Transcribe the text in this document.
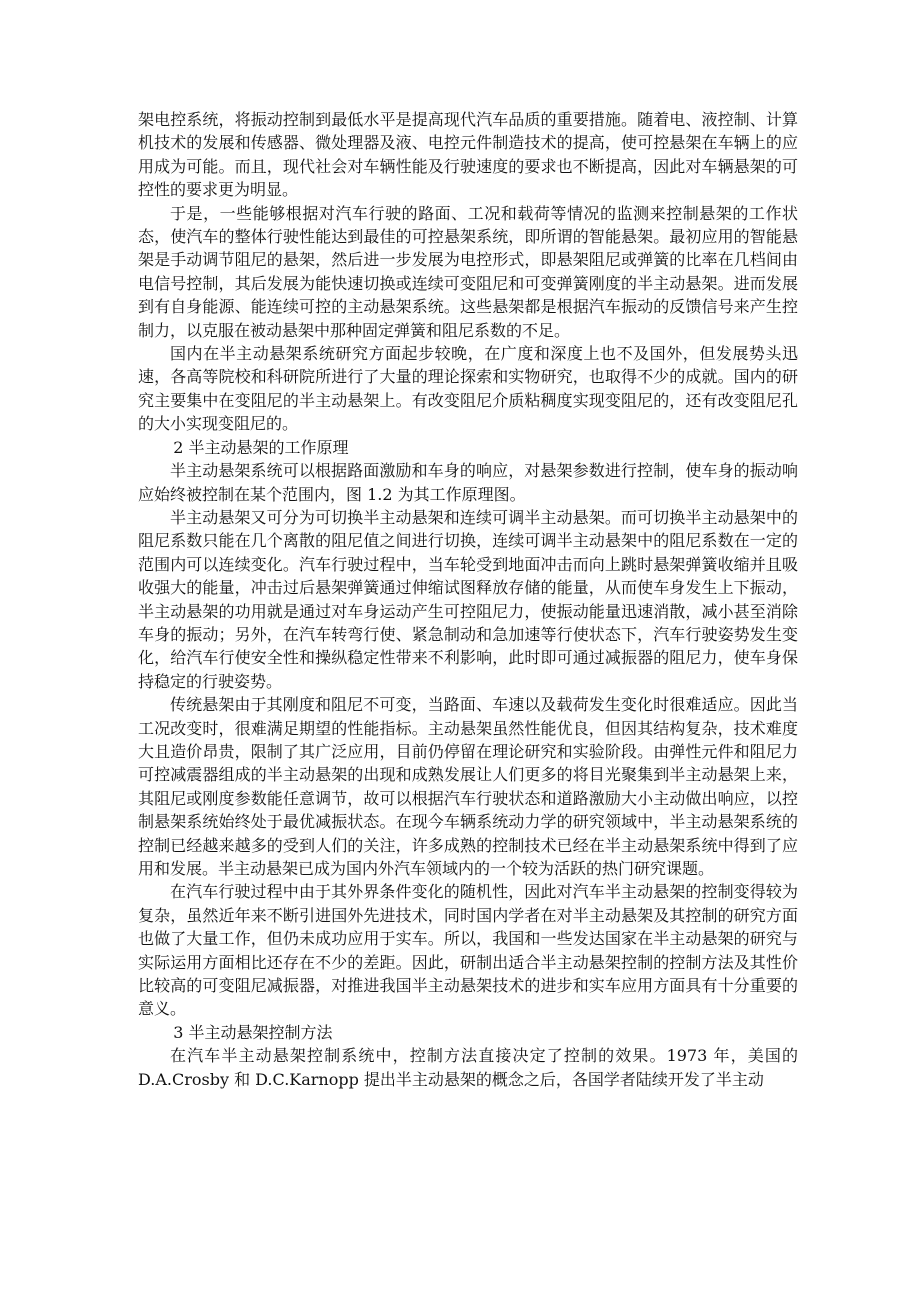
架电控系统，将振动控制到最低水平是提高现代汽车品质的重要措施。随着电、液控制、计算机技术的发展和传感器、微处理器及液、电控元件制造技术的提高，使可控悬架在车辆上的应用成为可能。而且，现代社会对车辆性能及行驶速度的要求也不断提高，因此对车辆悬架的可控性的要求更为明显。

于是，一些能够根据对汽车行驶的路面、工况和载荷等情况的监测来控制悬架的工作状态，使汽车的整体行驶性能达到最佳的可控悬架系统，即所谓的智能悬架。最初应用的智能悬架是手动调节阻尼的悬架，然后进一步发展为电控形式，即悬架阻尼或弹簧的比率在几档间由电信号控制，其后发展为能快速切换或连续可变阻尼和可变弹簧刚度的半主动悬架。进而发展到有自身能源、能连续可控的主动悬架系统。这些悬架都是根据汽车振动的反馈信号来产生控制力，以克服在被动悬架中那种固定弹簧和阻尼系数的不足。

国内在半主动悬架系统研究方面起步较晚，在广度和深度上也不及国外，但发展势头迅速，各高等院校和科研院所进行了大量的理论探索和实物研究，也取得不少的成就。国内的研究主要集中在变阻尼的半主动悬架上。有改变阻尼介质粘稠度实现变阻尼的，还有改变阻尼孔的大小实现变阻尼的。

2 半主动悬架的工作原理

半主动悬架系统可以根据路面激励和车身的响应，对悬架参数进行控制，使车身的振动响应始终被控制在某个范围内，图 1.2 为其工作原理图。

半主动悬架又可分为可切换半主动悬架和连续可调半主动悬架。而可切换半主动悬架中的阻尼系数只能在几个离散的阻尼值之间进行切换，连续可调半主动悬架中的阻尼系数在一定的范围内可以连续变化。汽车行驶过程中，当车轮受到地面冲击而向上跳时悬架弹簧收缩并且吸收强大的能量，冲击过后悬架弹簧通过伸缩试图释放存储的能量，从而使车身发生上下振动，半主动悬架的功用就是通过对车身运动产生可控阻尼力，使振动能量迅速消散，减小甚至消除车身的振动；另外，在汽车转弯行使、紧急制动和急加速等行使状态下，汽车行驶姿势发生变化，给汽车行使安全性和操纵稳定性带来不利影响，此时即可通过减振器的阻尼力，使车身保持稳定的行驶姿势。

传统悬架由于其刚度和阻尼不可变，当路面、车速以及载荷发生变化时很难适应。因此当工况改变时，很难满足期望的性能指标。主动悬架虽然性能优良，但因其结构复杂，技术难度大且造价昂贵，限制了其广泛应用，目前仍停留在理论研究和实验阶段。由弹性元件和阻尼力可控减震器组成的半主动悬架的出现和成熟发展让人们更多的将目光聚集到半主动悬架上来，其阻尼或刚度参数能任意调节，故可以根据汽车行驶状态和道路激励大小主动做出响应，以控制悬架系统始终处于最优减振状态。在现今车辆系统动力学的研究领域中，半主动悬架系统的控制已经越来越多的受到人们的关注，许多成熟的控制技术已经在半主动悬架系统中得到了应用和发展。半主动悬架已成为国内外汽车领域内的一个较为活跃的热门研究课题。

在汽车行驶过程中由于其外界条件变化的随机性，因此对汽车半主动悬架的控制变得较为复杂，虽然近年来不断引进国外先进技术，同时国内学者在对半主动悬架及其控制的研究方面也做了大量工作，但仍未成功应用于实车。所以，我国和一些发达国家在半主动悬架的研究与实际运用方面相比还存在不少的差距。因此，研制出适合半主动悬架控制的控制方法及其性价比较高的可变阻尼减振器，对推进我国半主动悬架技术的进步和实车应用方面具有十分重要的意义。

3 半主动悬架控制方法

在汽车半主动悬架控制系统中，控制方法直接决定了控制的效果。1973 年，美国的D.A.Crosby 和 D.C.Karnopp 提出半主动悬架的概念之后，各国学者陆续开发了半主动
